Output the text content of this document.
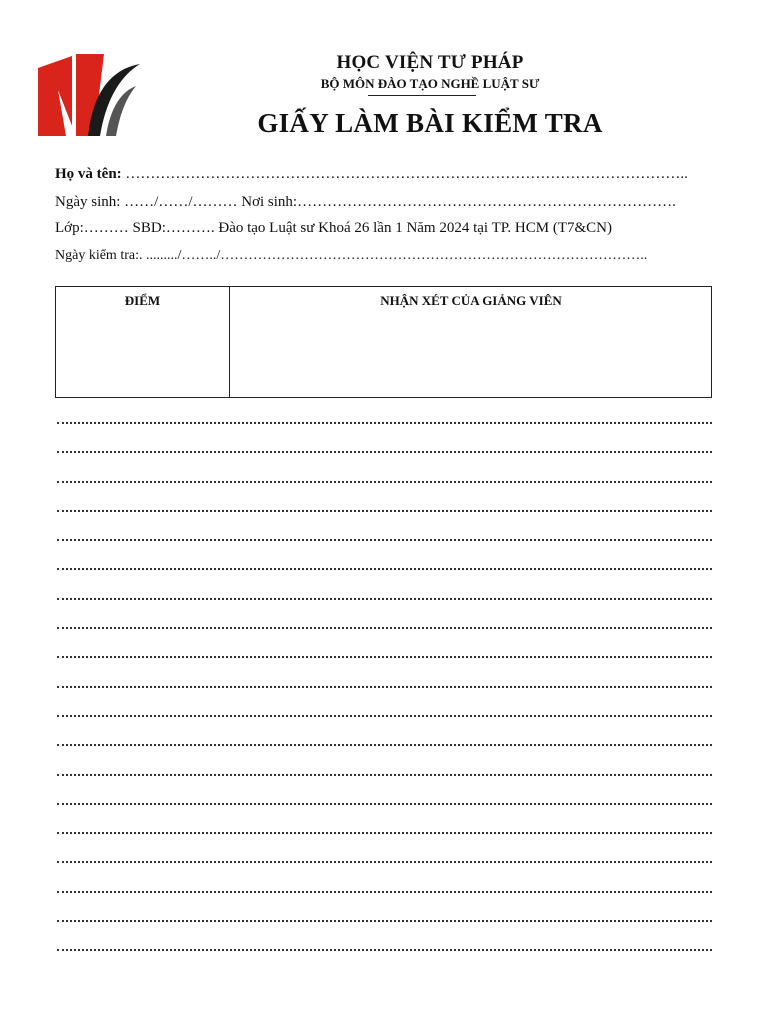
HỌC VIỆN TƯ PHÁP
BỘ MÔN ĐÀO TẠO NGHỀ LUẬT SƯ
GIẤY LÀM BÀI KIỂM TRA
Họ và tên: …………………………………………………………………………………………………..
Ngày sinh: ……/……/……… Nơi sinh:………………………………………………………………….
Lớp:……… SBD:………. Đào tạo Luật sư Khoá 26 lần 1 Năm 2024 tại TP. HCM (T7&CN)
Ngày kiểm tra:. ........./……../………………………………………………………………………………..
ĐIỂM	NHẬN XÉT CỦA GIẢNG VIÊN
